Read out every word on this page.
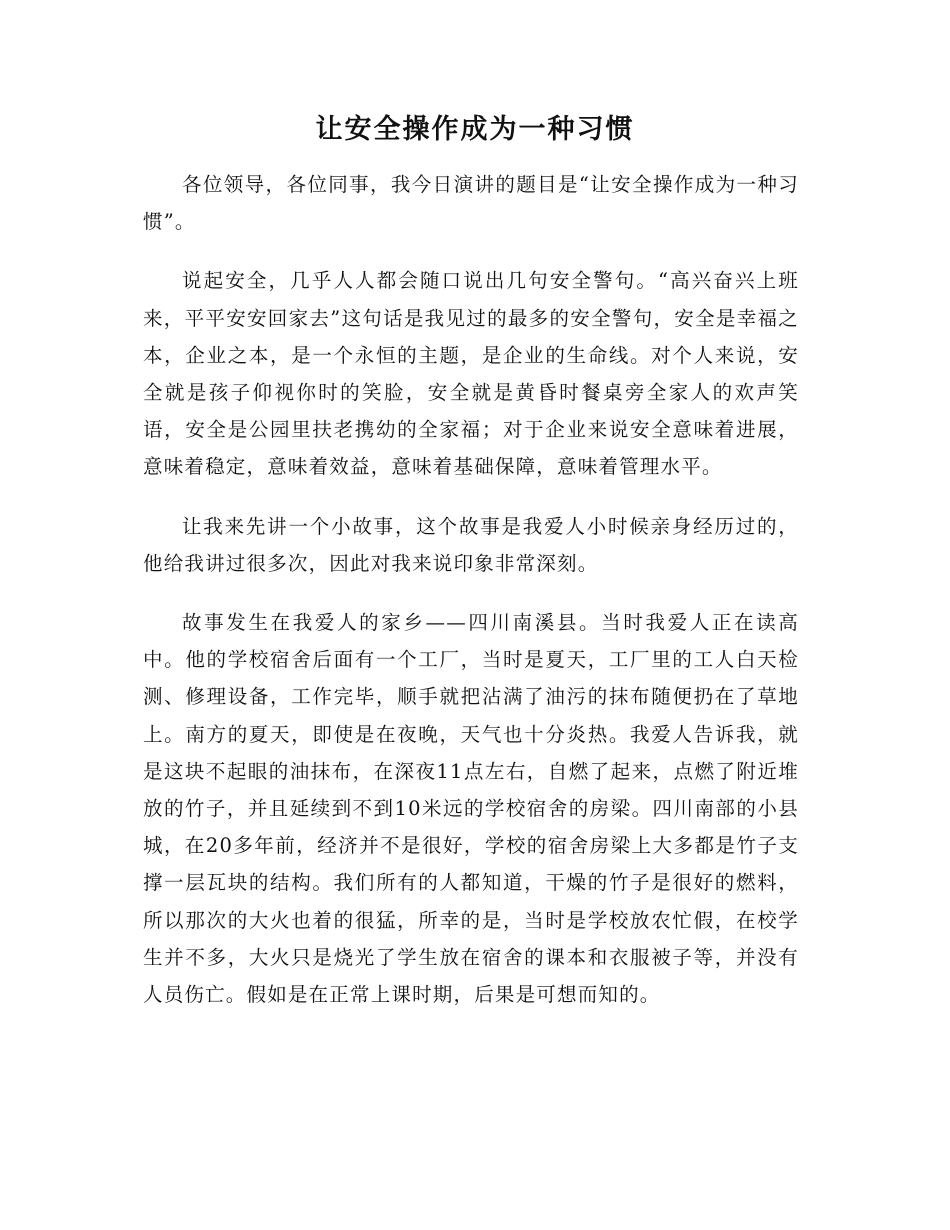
让安全操作成为一种习惯

各位领导，各位同事，我今日演讲的题目是“让安全操作成为一种习惯”。

说起安全，几乎人人都会随口说出几句安全警句。“高兴奋兴上班来，平平安安回家去”这句话是我见过的最多的安全警句，安全是幸福之本，企业之本，是一个永恒的主题，是企业的生命线。对个人来说，安全就是孩子仰视你时的笑脸，安全就是黄昏时餐桌旁全家人的欢声笑语，安全是公园里扶老携幼的全家福；对于企业来说安全意味着进展，意味着稳定，意味着效益，意味着基础保障，意味着管理水平。

让我来先讲一个小故事，这个故事是我爱人小时候亲身经历过的，他给我讲过很多次，因此对我来说印象非常深刻。

故事发生在我爱人的家乡——四川南溪县。当时我爱人正在读高中。他的学校宿舍后面有一个工厂，当时是夏天，工厂里的工人白天检测、修理设备，工作完毕，顺手就把沾满了油污的抹布随便扔在了草地上。南方的夏天，即使是在夜晚，天气也十分炎热。我爱人告诉我，就是这块不起眼的油抹布，在深夜11点左右，自燃了起来，点燃了附近堆放的竹子，并且延续到不到10米远的学校宿舍的房梁。四川南部的小县城，在20多年前，经济并不是很好，学校的宿舍房梁上大多都是竹子支撑一层瓦块的结构。我们所有的人都知道，干燥的竹子是很好的燃料，所以那次的大火也着的很猛，所幸的是，当时是学校放农忙假，在校学生并不多，大火只是烧光了学生放在宿舍的课本和衣服被子等，并没有人员伤亡。假如是在正常上课时期，后果是可想而知的。
